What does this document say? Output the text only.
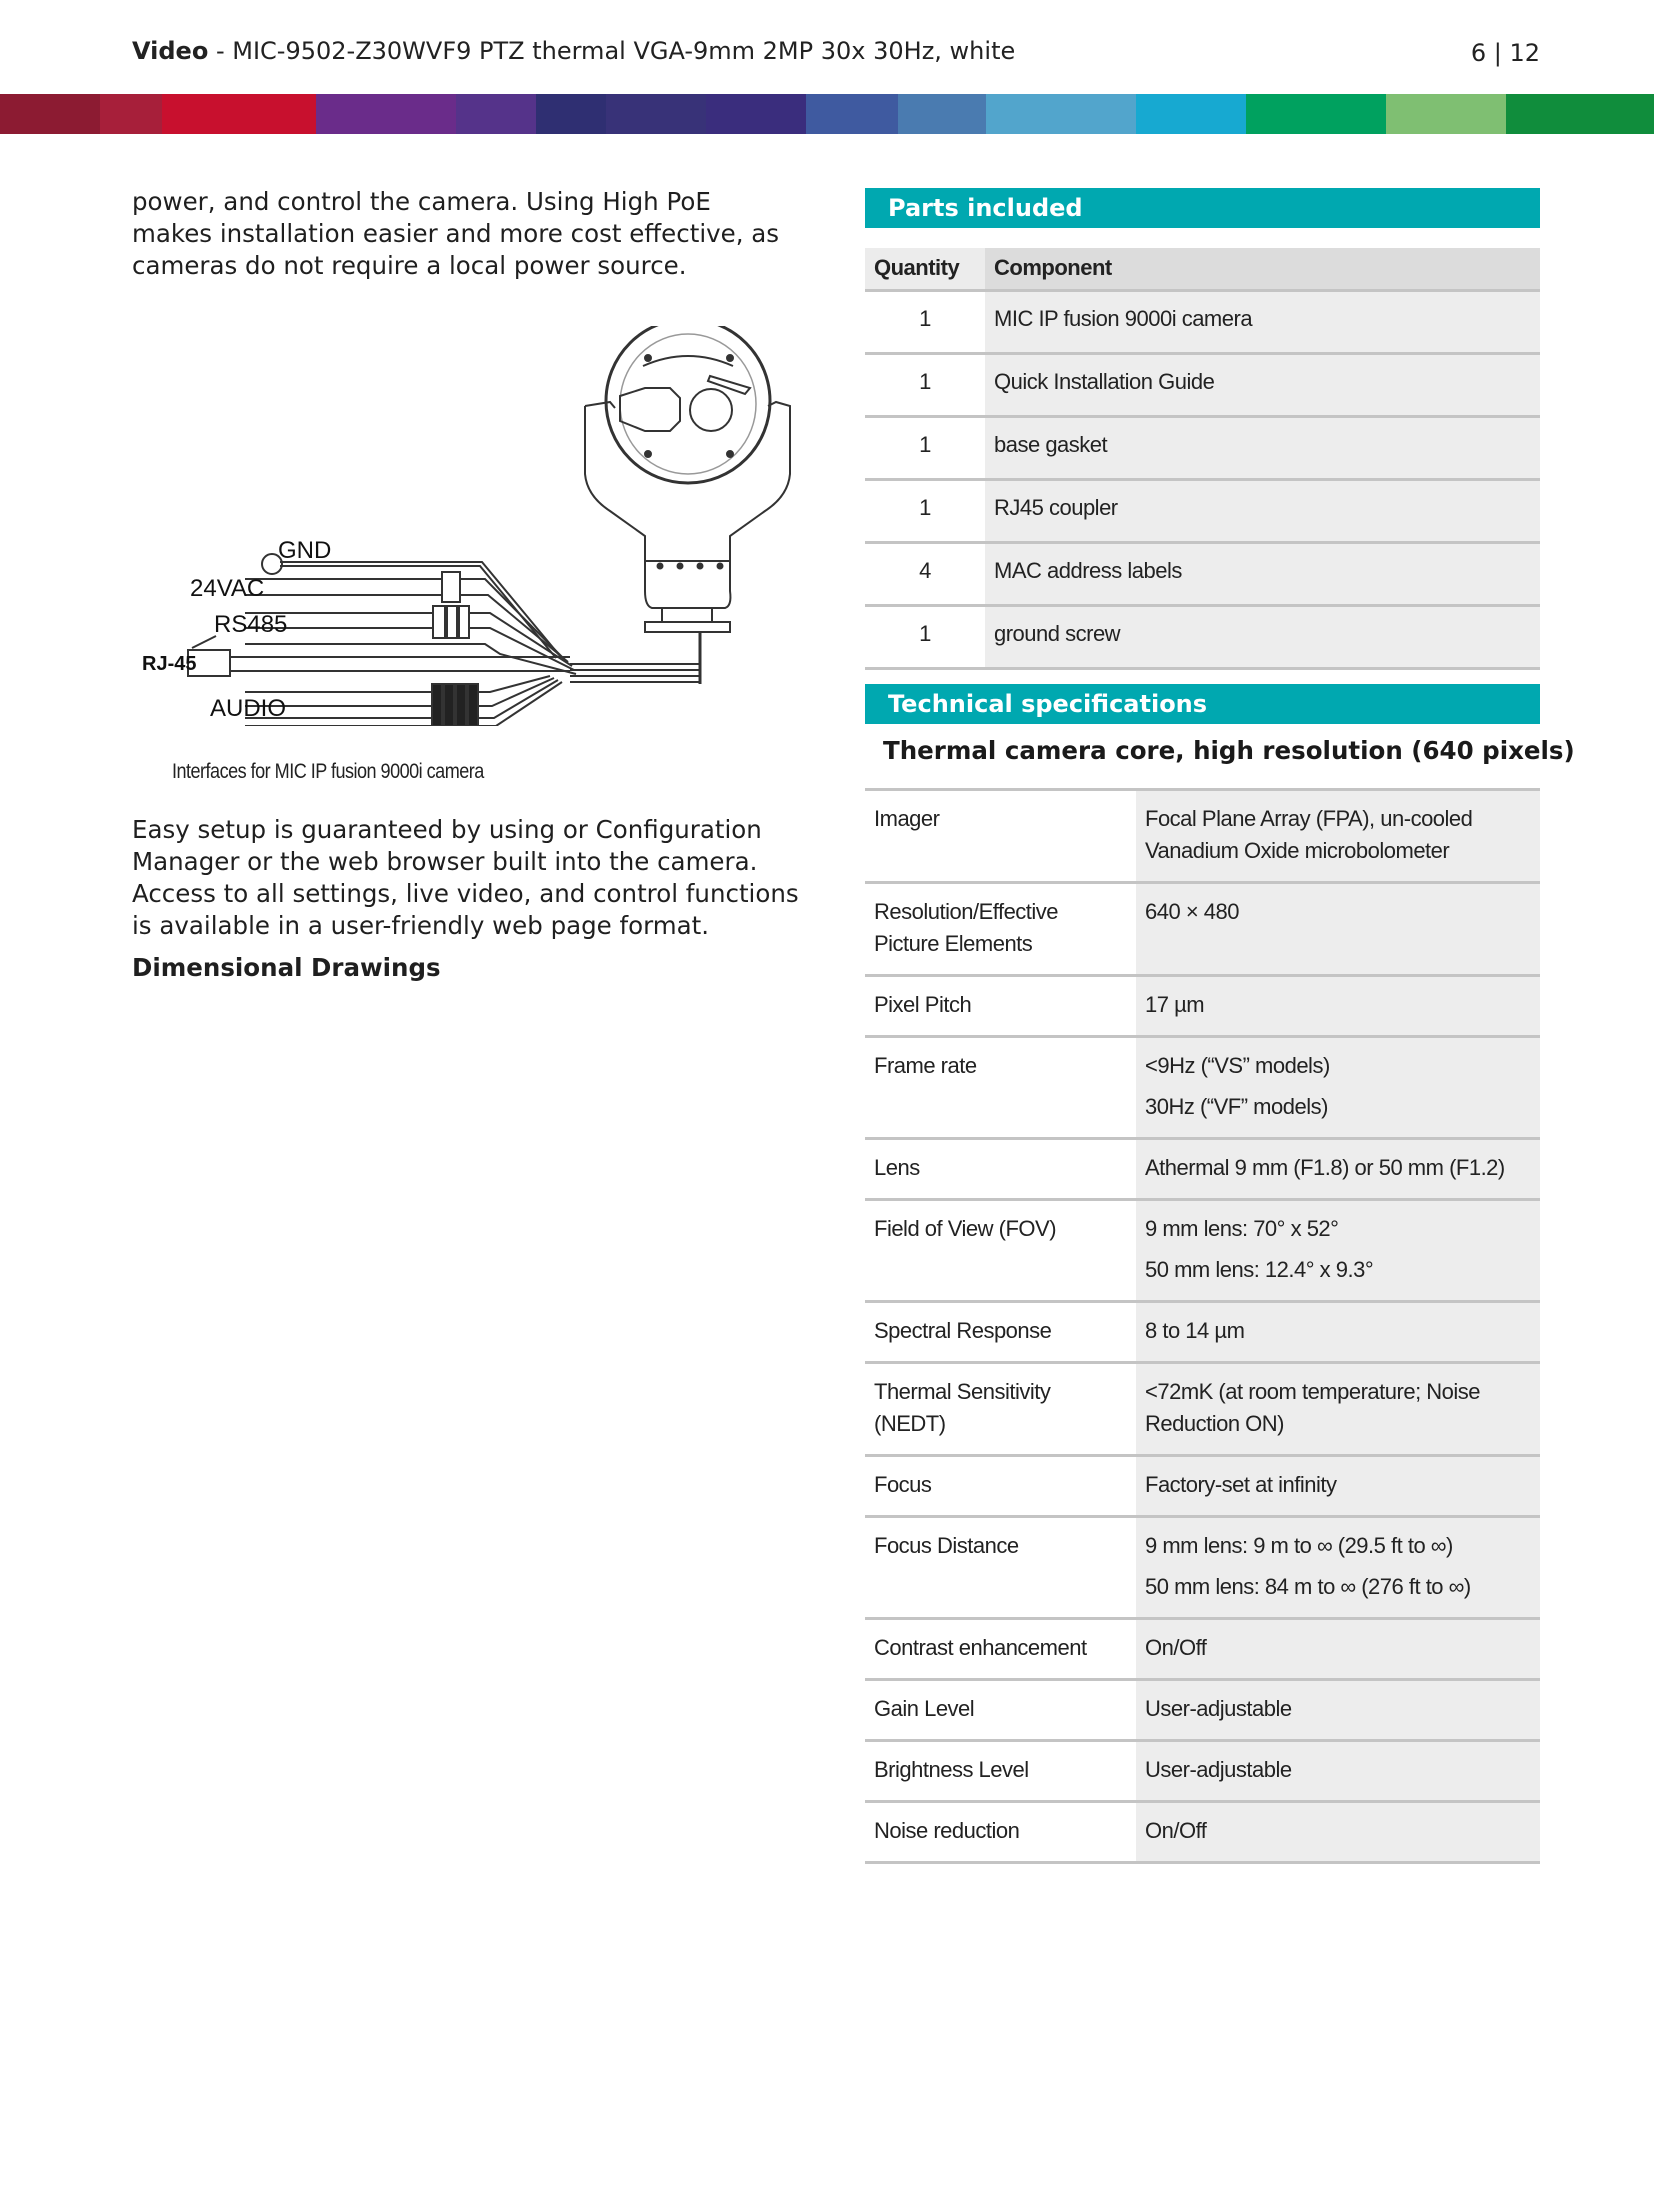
Video - MIC-9502-Z30WVF9 PTZ thermal VGA-9mm 2MP 30x 30Hz, white	6 | 12

power, and control the camera. Using High PoE makes installation easier and more cost effective, as cameras do not require a local power source.

GND
24VAC
RS485
RJ-45
AUDIO
Interfaces for MIC IP fusion 9000i camera

Easy setup is guaranteed by using or Configuration Manager or the web browser built into the camera. Access to all settings, live video, and control functions is available in a user-friendly web page format.

Dimensional Drawings
Parts included
Quantity	Component
1	MIC IP fusion 9000i camera
1	Quick Installation Guide
1	base gasket
1	RJ45 coupler
4	MAC address labels
1	ground screw
Technical specifications
Thermal camera core, high resolution (640 pixels)
Imager	Focal Plane Array (FPA), un-cooled Vanadium Oxide microbolometer

Resolution/Effective Picture Elements	640 × 480

Pixel Pitch	17 µm

Frame rate	<9Hz (“VS” models)
30Hz (“VF” models)

Lens	Athermal 9 mm (F1.8) or 50 mm (F1.2)

Field of View (FOV)	9 mm lens: 70° x 52°
50 mm lens: 12.4° x 9.3°

Spectral Response	8 to 14 µm

Thermal Sensitivity (NEDT)	<72mK (at room temperature; Noise Reduction ON)

Focus	Factory-set at infinity

Focus Distance	9 mm lens: 9 m to ∞ (29.5 ft to ∞)
50 mm lens: 84 m to ∞ (276 ft to ∞)

Contrast enhancement	On/Off

Gain Level	User-adjustable

Brightness Level	User-adjustable

Noise reduction	On/Off
